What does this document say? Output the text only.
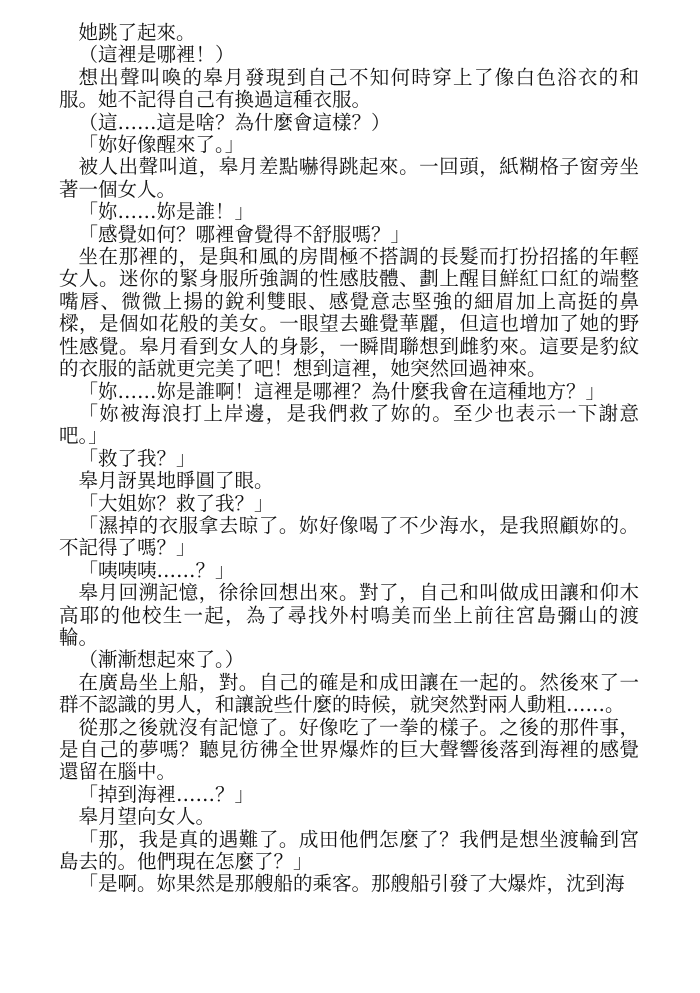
她跳了起來。

（這裡是哪裡！）

想出聲叫喚的皋月發現到自己不知何時穿上了像白色浴衣的和服。她不記得自己有換過這種衣服。

（這……這是啥？為什麼會這樣？）

「妳好像醒來了。」

被人出聲叫道，皋月差點嚇得跳起來。一回頭，紙糊格子窗旁坐著一個女人。

「妳……妳是誰！」

「感覺如何？哪裡會覺得不舒服嗎？」

坐在那裡的，是與和風的房間極不搭調的長髮而打扮招搖的年輕女人。迷你的緊身服所強調的性感肢體、劃上醒目鮮紅口紅的端整嘴唇、微微上揚的銳利雙眼、感覺意志堅強的細眉加上高挺的鼻樑，是個如花般的美女。一眼望去雖覺華麗，但這也增加了她的野性感覺。皋月看到女人的身影，一瞬間聯想到雌豹來。這要是豹紋的衣服的話就更完美了吧！想到這裡，她突然回過神來。

「妳……妳是誰啊！這裡是哪裡？為什麼我會在這種地方？」

「妳被海浪打上岸邊，是我們救了妳的。至少也表示一下謝意吧。」

「救了我？」

皋月訝異地睜圓了眼。

「大姐妳？救了我？」

「濕掉的衣服拿去晾了。妳好像喝了不少海水，是我照顧妳的。不記得了嗎？」

「咦咦咦……？」

皋月回溯記憶，徐徐回想出來。對了，自己和叫做成田讓和仰木高耶的他校生一起，為了尋找外村鳴美而坐上前往宮島彌山的渡輪。

（漸漸想起來了。）

在廣島坐上船，對。自己的確是和成田讓在一起的。然後來了一群不認識的男人，和讓說些什麼的時候，就突然對兩人動粗……。

從那之後就沒有記憶了。好像吃了一拳的樣子。之後的那件事，是自己的夢嗎？聽見彷彿全世界爆炸的巨大聲響後落到海裡的感覺還留在腦中。

「掉到海裡……？」

皋月望向女人。

「那，我是真的遇難了。成田他們怎麼了？我們是想坐渡輪到宮島去的。他們現在怎麼了？」

「是啊。妳果然是那艘船的乘客。那艘船引發了大爆炸，沈到海
